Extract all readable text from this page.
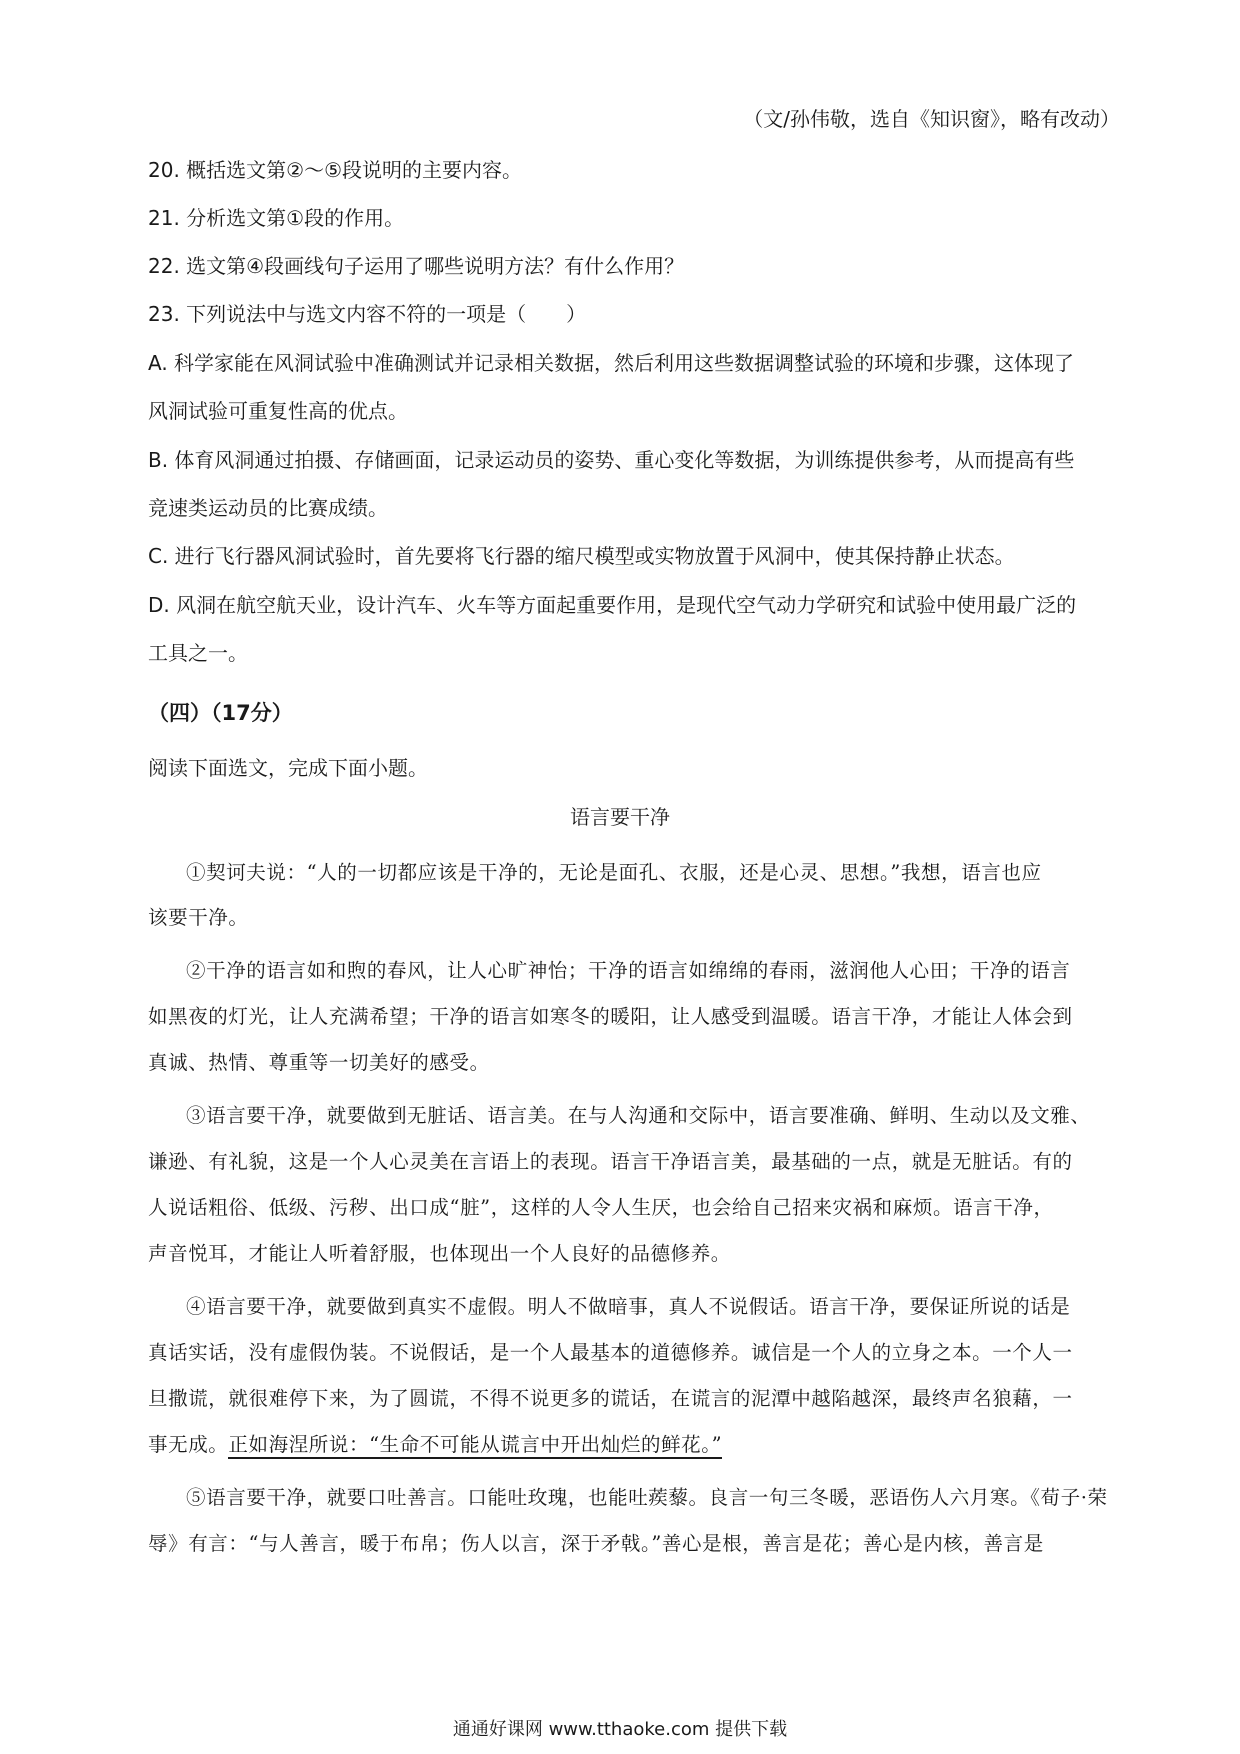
（文/孙伟敬，选自《知识窗》，略有改动）
20. 概括选文第②～⑤段说明的主要内容。
21. 分析选文第①段的作用。
22. 选文第④段画线句子运用了哪些说明方法？有什么作用？
23. 下列说法中与选文内容不符的一项是（　　）
A. 科学家能在风洞试验中准确测试并记录相关数据，然后利用这些数据调整试验的环境和步骤，这体现了
风洞试验可重复性高的优点。
B. 体育风洞通过拍摄、存储画面，记录运动员的姿势、重心变化等数据，为训练提供参考，从而提高有些
竞速类运动员的比赛成绩。
C. 进行飞行器风洞试验时，首先要将飞行器的缩尺模型或实物放置于风洞中，使其保持静止状态。
D. 风洞在航空航天业，设计汽车、火车等方面起重要作用，是现代空气动力学研究和试验中使用最广泛的
工具之一。
（四）（17分）
阅读下面选文，完成下面小题。
语言要干净
①契诃夫说：“人的一切都应该是干净的，无论是面孔、衣服，还是心灵、思想。”我想，语言也应
该要干净。
②干净的语言如和煦的春风，让人心旷神怡；干净的语言如绵绵的春雨，滋润他人心田；干净的语言
如黑夜的灯光，让人充满希望；干净的语言如寒冬的暖阳，让人感受到温暖。语言干净，才能让人体会到
真诚、热情、尊重等一切美好的感受。
③语言要干净，就要做到无脏话、语言美。在与人沟通和交际中，语言要准确、鲜明、生动以及文雅、
谦逊、有礼貌，这是一个人心灵美在言语上的表现。语言干净语言美，最基础的一点，就是无脏话。有的
人说话粗俗、低级、污秽、出口成“脏”，这样的人令人生厌，也会给自己招来灾祸和麻烦。语言干净，
声音悦耳，才能让人听着舒服，也体现出一个人良好的品德修养。
④语言要干净，就要做到真实不虚假。明人不做暗事，真人不说假话。语言干净，要保证所说的话是
真话实话，没有虚假伪装。不说假话，是一个人最基本的道德修养。诚信是一个人的立身之本。一个人一
旦撒谎，就很难停下来，为了圆谎，不得不说更多的谎话，在谎言的泥潭中越陷越深，最终声名狼藉，一
事无成。正如海涅所说：“生命不可能从谎言中开出灿烂的鲜花。”
⑤语言要干净，就要口吐善言。口能吐玫瑰，也能吐蒺藜。良言一句三冬暖，恶语伤人六月寒。《荀子·荣
辱》有言：“与人善言，暖于布帛；伤人以言，深于矛戟。”善心是根，善言是花；善心是内核，善言是
通通好课网 www.tthaoke.com 提供下载
